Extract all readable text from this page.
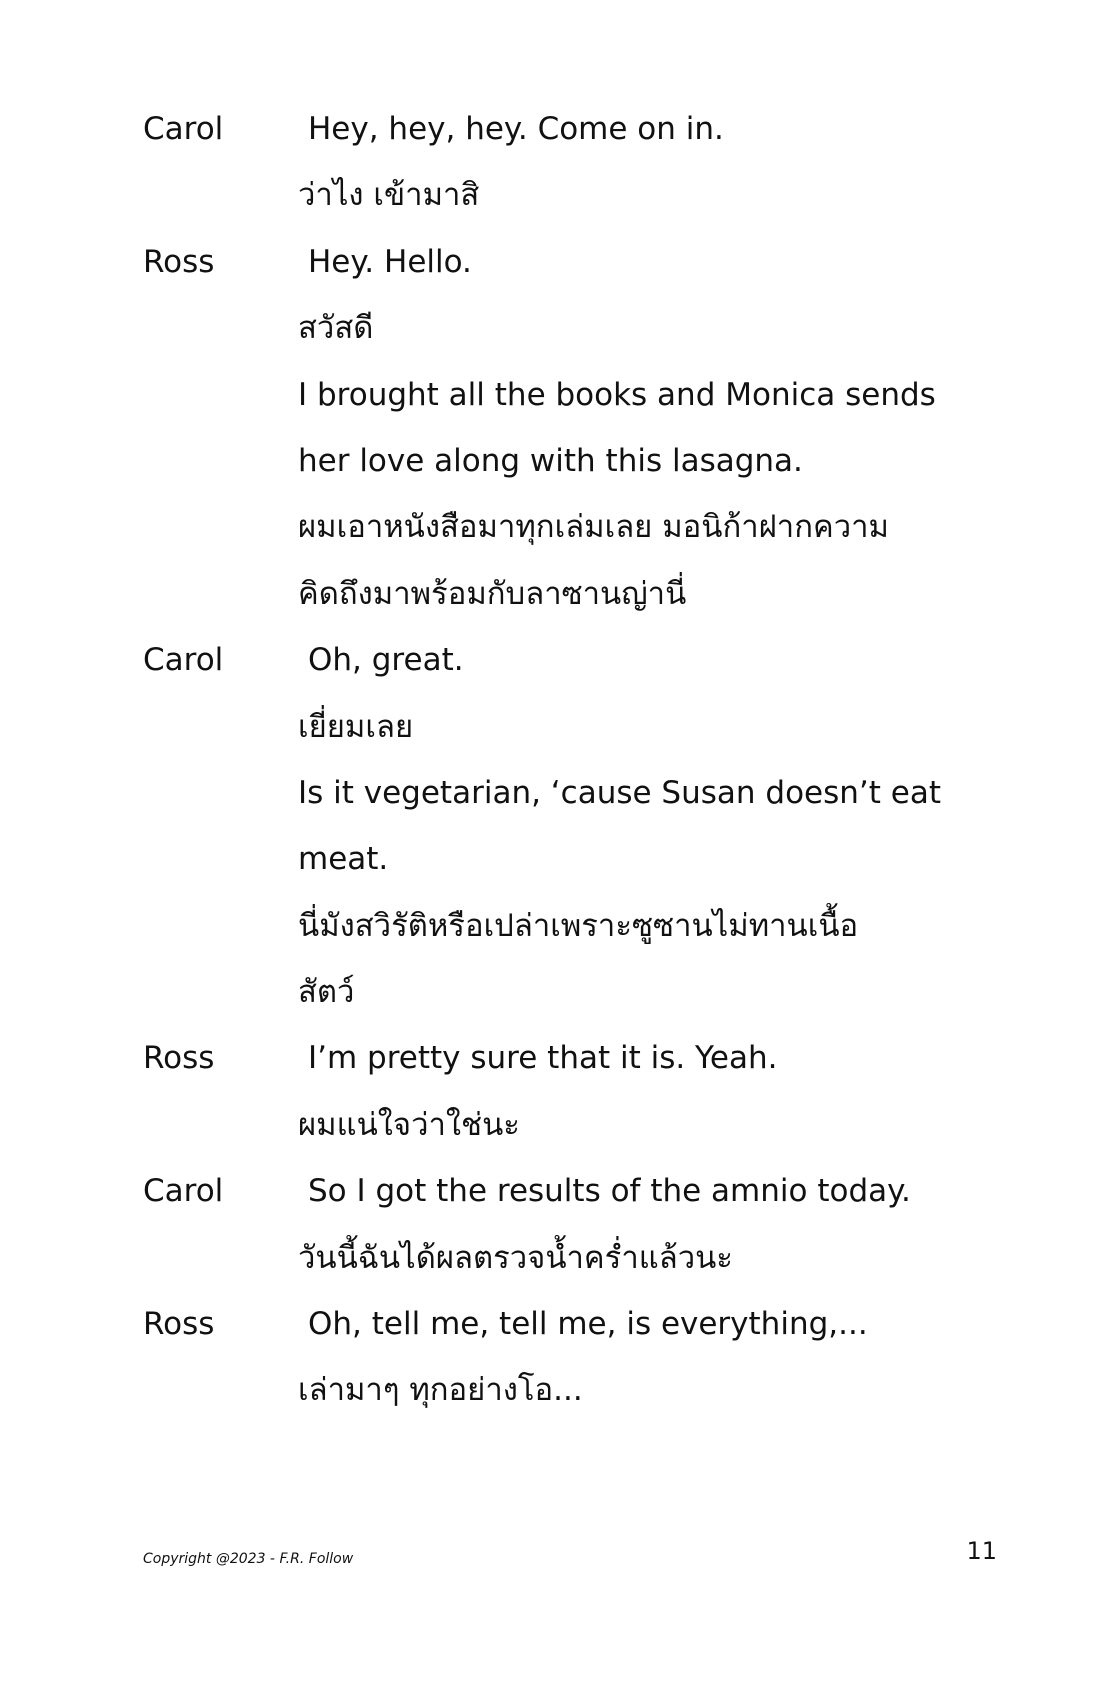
Carol	Hey, hey, hey. Come on in.
ว่าไง เข้ามาสิ
Ross	Hey. Hello.
สวัสดี
I brought all the books and Monica sends
her love along with this lasagna.
ผมเอาหนังสือมาทุกเล่มเลย มอนิก้าฝากความ
คิดถึงมาพร้อมกับลาซานญ่านี่
Carol	Oh, great.
เยี่ยมเลย
Is it vegetarian, ‘cause Susan doesn’t eat
meat.
นี่มังสวิรัติหรือเปล่าเพราะซูซานไม่ทานเนื้อ
สัตว์
Ross	I’m pretty sure that it is. Yeah.
ผมแน่ใจว่าใช่นะ
Carol	So I got the results of the amnio today.
วันนี้ฉันได้ผลตรวจน้ำคร่ำแล้วนะ
Ross	Oh, tell me, tell me, is everything,...
เล่ามาๆ ทุกอย่างโอ...
Copyright @2023 - F.R. Follow	11
